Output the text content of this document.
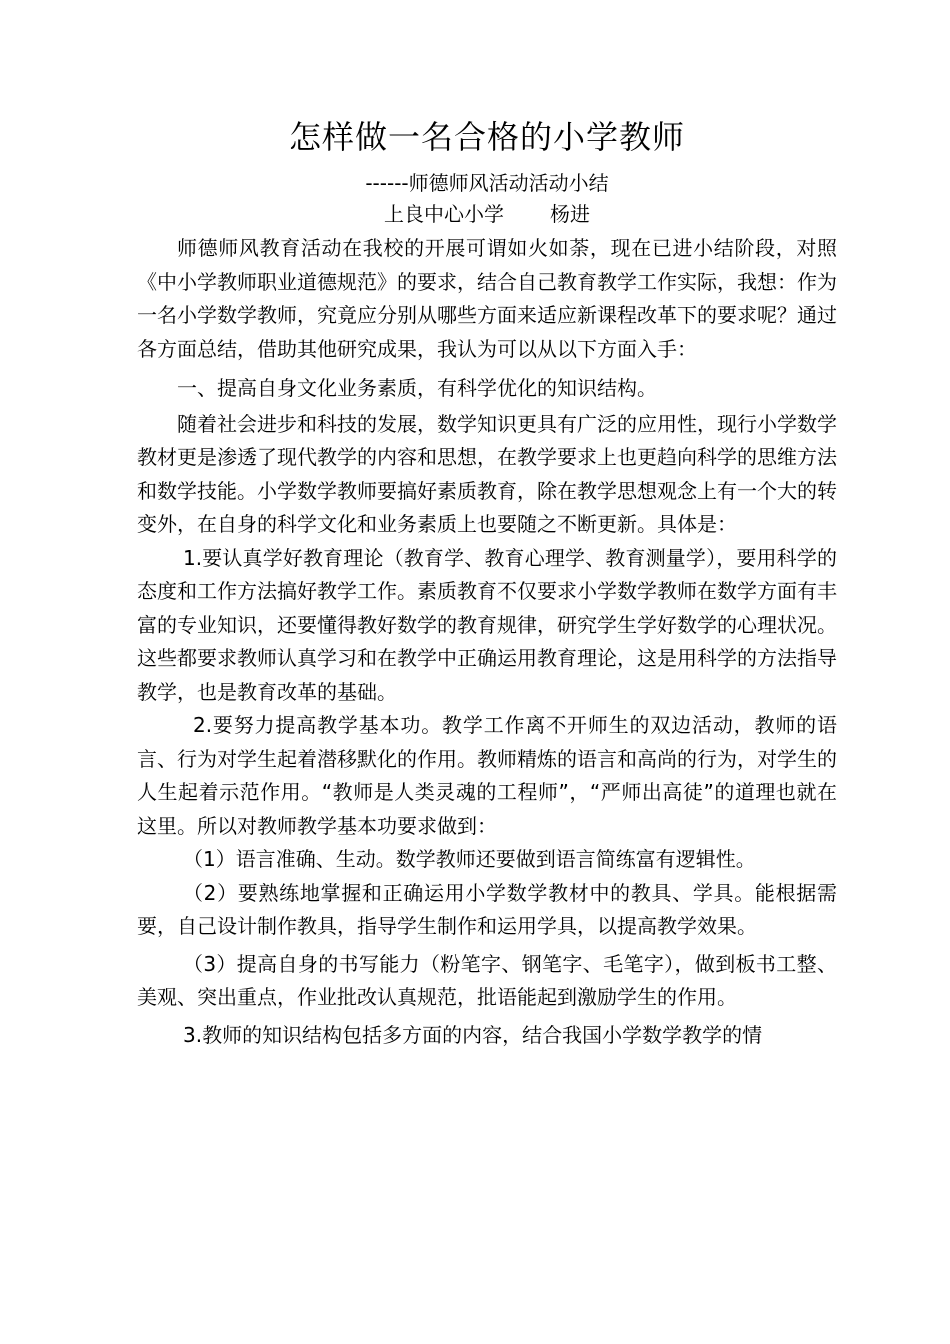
怎样做一名合格的小学教师

------师德师风活动活动小结

上良中心小学 杨进

师德师风教育活动在我校的开展可谓如火如荼，现在已进小结阶段，对照《中小学教师职业道德规范》的要求，结合自己教育教学工作实际，我想：作为一名小学数学教师，究竟应分别从哪些方面来适应新课程改革下的要求呢？通过各方面总结，借助其他研究成果，我认为可以从以下方面入手：

一、提高自身文化业务素质，有科学优化的知识结构。

随着社会进步和科技的发展，数学知识更具有广泛的应用性，现行小学数学教材更是渗透了现代教学的内容和思想，在教学要求上也更趋向科学的思维方法和数学技能。小学数学教师要搞好素质教育，除在教学思想观念上有一个大的转变外，在自身的科学文化和业务素质上也要随之不断更新。具体是：

1.要认真学好教育理论（教育学、教育心理学、教育测量学），要用科学的态度和工作方法搞好教学工作。素质教育不仅要求小学数学教师在数学方面有丰富的专业知识，还要懂得教好数学的教育规律，研究学生学好数学的心理状况。这些都要求教师认真学习和在教学中正确运用教育理论，这是用科学的方法指导教学，也是教育改革的基础。

2.要努力提高教学基本功。教学工作离不开师生的双边活动，教师的语言、行为对学生起着潜移默化的作用。教师精炼的语言和高尚的行为，对学生的人生起着示范作用。“教师是人类灵魂的工程师”，“严师出高徒”的道理也就在这里。所以对教师教学基本功要求做到：

（1）语言准确、生动。数学教师还要做到语言简练富有逻辑性。

（2）要熟练地掌握和正确运用小学数学教材中的教具、学具。能根据需要，自己设计制作教具，指导学生制作和运用学具，以提高教学效果。

（3）提高自身的书写能力（粉笔字、钢笔字、毛笔字），做到板书工整、美观、突出重点，作业批改认真规范，批语能起到激励学生的作用。

3.教师的知识结构包括多方面的内容，结合我国小学数学教学的情
